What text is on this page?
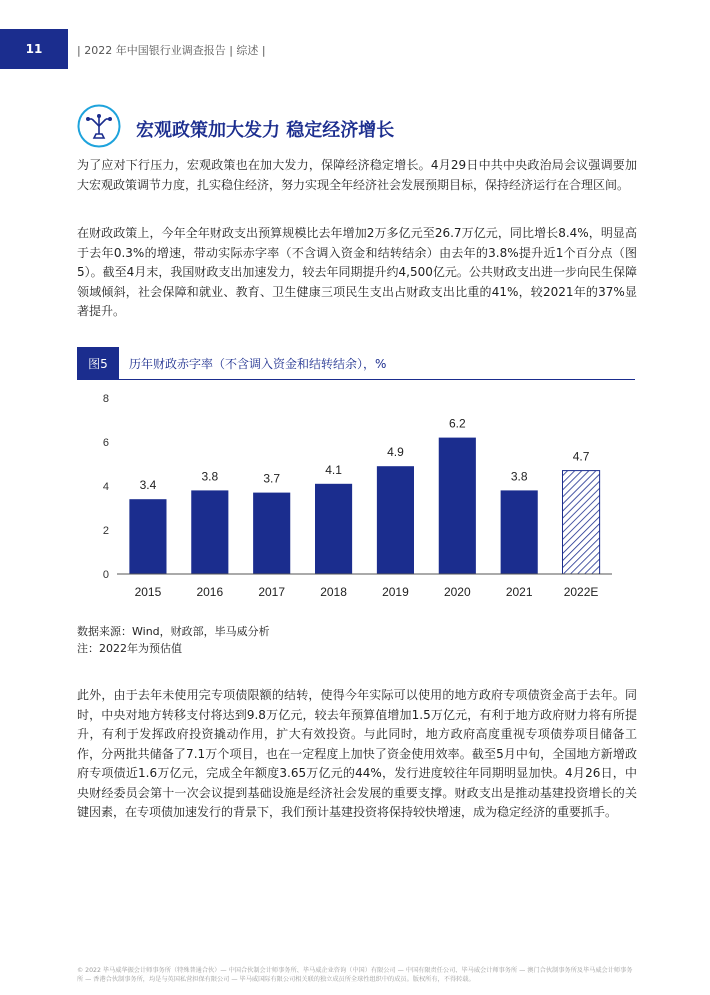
11	| 2022 年中国银行业调查报告 | 综述 |
宏观政策加大发力 稳定经济增长

为了应对下行压力，宏观政策也在加大发力，保障经济稳定增长。4月29日中共中央政治局会议强调要加大宏观政策调节力度，扎实稳住经济，努力实现全年经济社会发展预期目标，保持经济运行在合理区间。

在财政政策上，今年全年财政支出预算规模比去年增加2万多亿元至26.7万亿元，同比增长8.4%，明显高于去年0.3%的增速，带动实际赤字率（不含调入资金和结转结余）由去年的3.8%提升近1个百分点（图5）。截至4月末，我国财政支出加速发力，较去年同期提升约4,500亿元。公共财政支出进一步向民生保障领域倾斜，社会保障和就业、教育、卫生健康三项民生支出占财政支出比重的41%，较2021年的37%显著提升。

图5	历年财政赤字率（不含调入资金和结转结余），%
0
2
4
6
8
3.4
3.8	3.7
4.1
4.9
6.2
3.8
4.7
2015	2016	2017	2018	2019	2020	2021	2022E
数据来源：Wind，财政部，毕马威分析
注：2022年为预估值

此外，由于去年未使用完专项债限额的结转，使得今年实际可以使用的地方政府专项债资金高于去年。同时，中央对地方转移支付将达到9.8万亿元，较去年预算值增加1.5万亿元，有利于地方政府财力将有所提升，有利于发挥政府投资撬动作用，扩大有效投资。与此同时，地方政府高度重视专项债券项目储备工作，分两批共储备了7.1万个项目，也在一定程度上加快了资金使用效率。截至5月中旬，全国地方新增政府专项债近1.6万亿元，完成全年额度3.65万亿元的44%，发行进度较往年同期明显加快。4月26日，中央财经委员会第十一次会议提到基础设施是经济社会发展的重要支撑。财政支出是推动基建投资增长的关键因素，在专项债加速发行的背景下，我们预计基建投资将保持较快增速，成为稳定经济的重要抓手。

© 2022 毕马威华振会计师事务所（特殊普通合伙）— 中国合伙制会计师事务所、毕马威企业咨询（中国）有限公司 — 中国有限责任公司、毕马威会计师事务所 — 澳门合伙制事务所及毕马威会计师事务所 — 香港合伙制事务所，均是与英国私营担保有限公司 — 毕马威国际有限公司相关联的独立成员所全球性组织中的成员。版权所有，不得转载。
